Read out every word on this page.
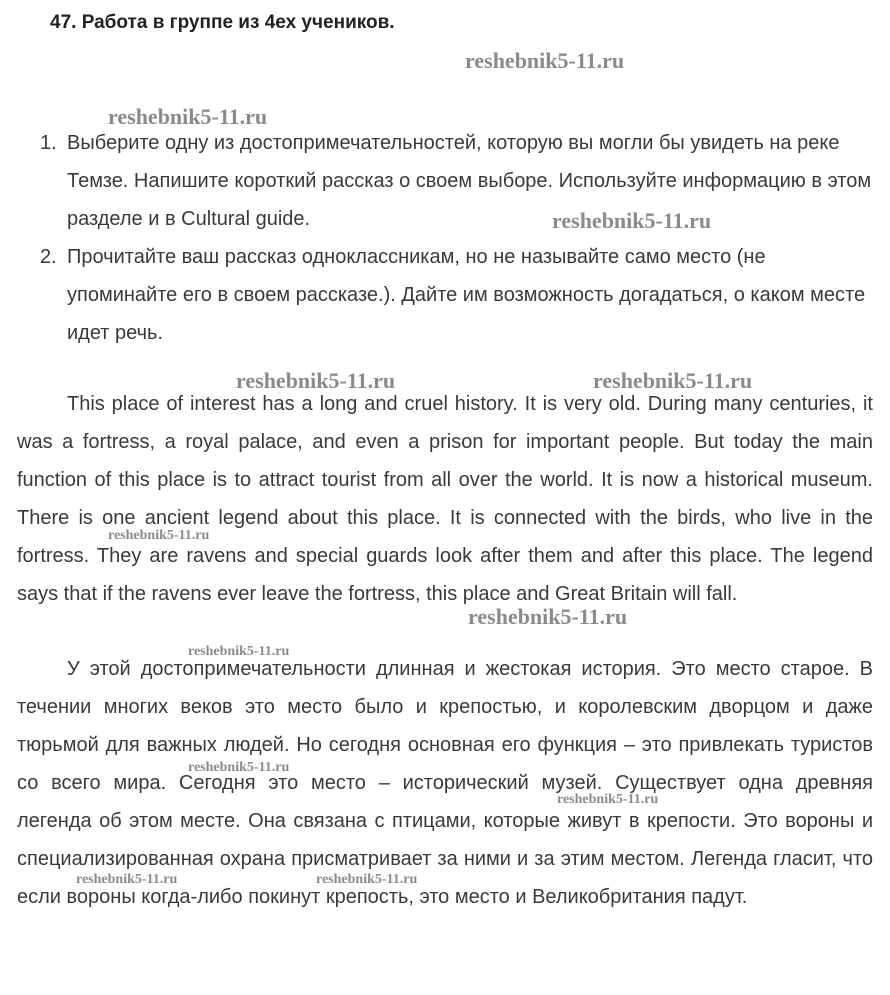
47. Работа в группе из 4ех учеников.
1. Выберите одну из достопримечательностей, которую вы могли бы увидеть на реке Темзе. Напишите короткий рассказ о своем выборе. Используйте информацию в этом разделе и в Cultural guide.
2. Прочитайте ваш рассказ одноклассникам, но не называйте само место (не упоминайте его в своем рассказе.). Дайте им возможность догадаться, о каком месте идет речь.

This place of interest has a long and cruel history. It is very old. During many centuries, it was a fortress, a royal palace, and even a prison for important people. But today the main function of this place is to attract tourist from all over the world. It is now a historical museum. There is one ancient legend about this place. It is connected with the birds, who live in the fortress. They are ravens and special guards look after them and after this place. The legend says that if the ravens ever leave the fortress, this place and Great Britain will fall.

У этой достопримечательности длинная и жестокая история. Это место старое. В течении многих веков это место было и крепостью, и королевским дворцом и даже тюрьмой для важных людей. Но сегодня основная его функция – это привлекать туристов со всего мира. Сегодня это место – исторический музей. Существует одна древняя легенда об этом месте. Она связана с птицами, которые живут в крепости. Это вороны и специализированная охрана присматривает за ними и за этим местом. Легенда гласит, что если вороны когда-либо покинут крепость, это место и Великобритания падут.

reshebnik5-11.ru
reshebnik5-11.ru
reshebnik5-11.ru
reshebnik5-11.ru	reshebnik5-11.ru
reshebnik5-11.ru
reshebnik5-11.ru
reshebnik5-11.ru
reshebnik5-11.ru
reshebnik5-11.ru
reshebnik5-11.ru	reshebnik5-11.ru
